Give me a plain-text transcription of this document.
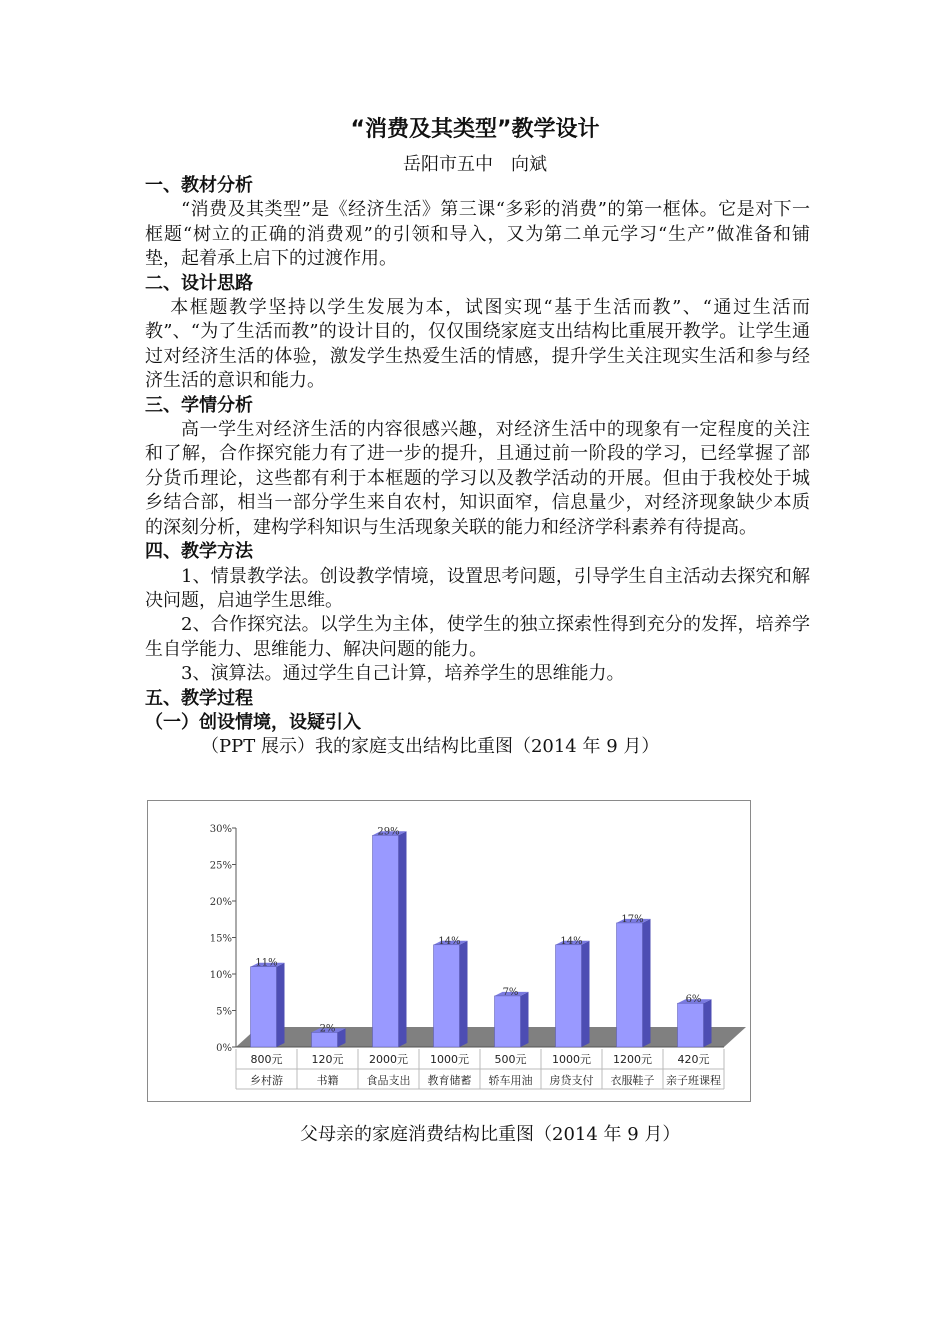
“消费及其类型”教学设计
岳阳市五中　向斌

一、教材分析

“消费及其类型”是《经济生活》第三课“多彩的消费”的第一框体。它是对下一框题“树立的正确的消费观”的引领和导入，又为第二单元学习“生产”做准备和铺垫，起着承上启下的过渡作用。

二、设计思路

本框题教学坚持以学生发展为本，试图实现“基于生活而教”、“通过生活而教”、“为了生活而教”的设计目的，仅仅围绕家庭支出结构比重展开教学。让学生通过对经济生活的体验，激发学生热爱生活的情感，提升学生关注现实生活和参与经济生活的意识和能力。

三、学情分析

高一学生对经济生活的内容很感兴趣，对经济生活中的现象有一定程度的关注和了解，合作探究能力有了进一步的提升，且通过前一阶段的学习，已经掌握了部分货币理论，这些都有利于本框题的学习以及教学活动的开展。但由于我校处于城乡结合部，相当一部分学生来自农村，知识面窄，信息量少，对经济现象缺少本质的深刻分析，建构学科知识与生活现象关联的能力和经济学科素养有待提高。

四、教学方法

1、情景教学法。创设教学情境，设置思考问题，引导学生自主活动去探究和解决问题，启迪学生思维。

2、合作探究法。以学生为主体，使学生的独立探索性得到充分的发挥，培养学生自学能力、思维能力、解决问题的能力。

3、演算法。通过学生自己计算，培养学生的思维能力。

五、教学过程

（一）创设情境，设疑引入

（PPT 展示）我的家庭支出结构比重图（2014 年 9 月）

0%
5%
10%
15%
20%
25%
30%
11%
2%
29%
14%
7%
14%
17%
6%
800元
乡村游
120元
书籍
2000元
食品支出
1000元
教育储蓄
500元
轿车用油
1000元
房贷支付
1200元
衣服鞋子
420元
亲子班课程
父母亲的家庭消费结构比重图（2014 年 9 月）
